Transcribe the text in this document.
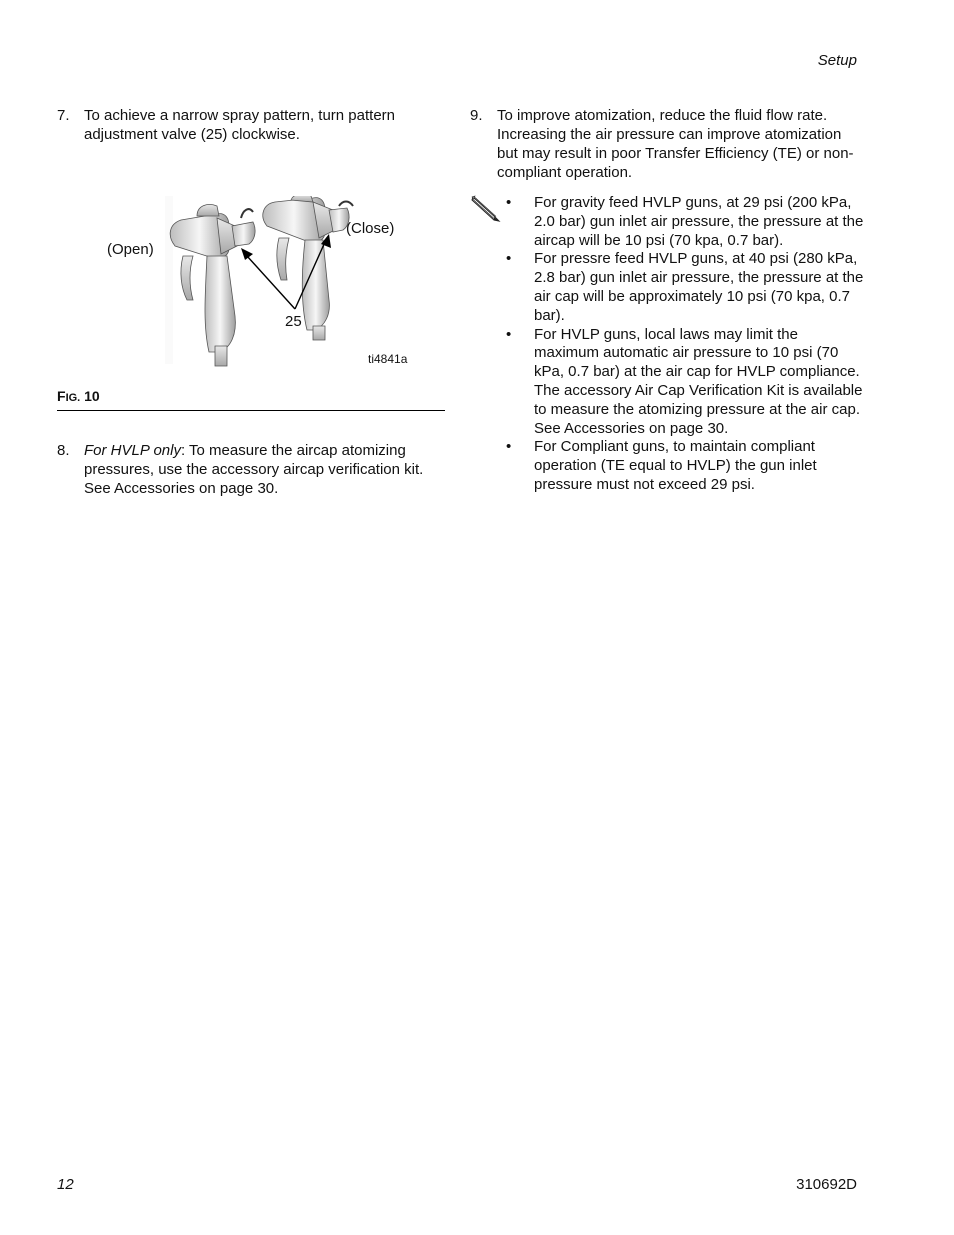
Setup
7. To achieve a narrow spray pattern, turn pattern adjustment valve (25) clockwise.
(Open)
(Close)
25
ti4841a
FIG. 10
8. For HVLP only: To measure the aircap atomizing pressures, use the accessory aircap verification kit. See Accessories on page 30.
9. To improve atomization, reduce the fluid flow rate. Increasing the air pressure can improve atomization but may result in poor Transfer Efficiency (TE) or non-compliant operation.
•	For gravity feed HVLP guns, at 29 psi (200 kPa, 2.0 bar) gun inlet air pressure, the pressure at the aircap will be 10 psi (70 kpa, 0.7 bar).
•	For pressre feed HVLP guns, at 40 psi (280 kPa, 2.8 bar) gun inlet air pressure, the pressure at the air cap will be approximately 10 psi (70 kpa, 0.7 bar).
•	For HVLP guns, local laws may limit the maximum automatic air pressure to 10 psi (70 kPa, 0.7 bar) at the air cap for HVLP compliance. The accessory Air Cap Verification Kit is available to measure the atomizing pressure at the air cap. See Accessories on page 30.
•	For Compliant guns, to maintain compliant operation (TE equal to HVLP) the gun inlet pressure must not exceed 29 psi.
12	310692D
